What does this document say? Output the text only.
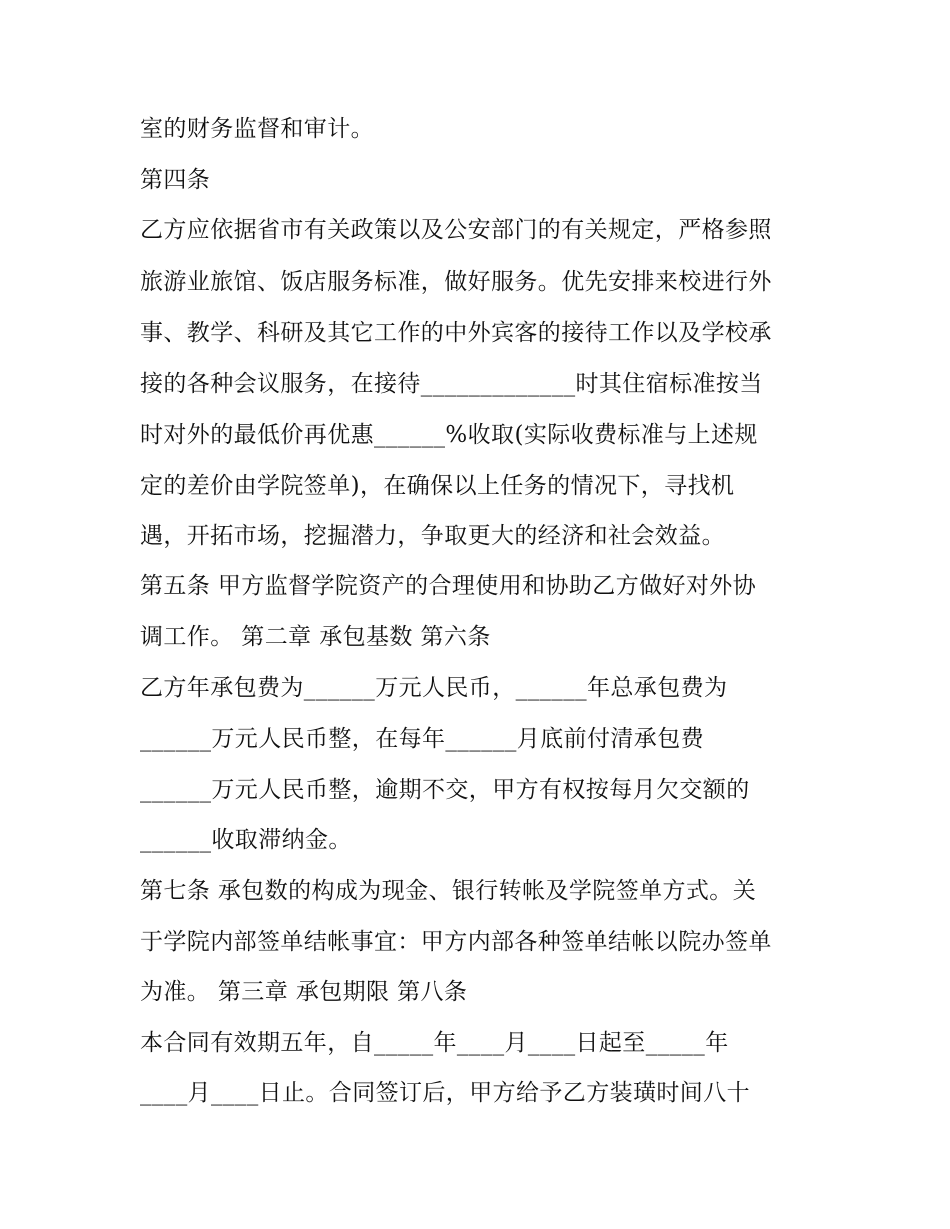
室的财务监督和审计。
第四条
乙方应依据省市有关政策以及公安部门的有关规定，严格参照
旅游业旅馆、饭店服务标准，做好服务。优先安排来校进行外
事、教学、科研及其它工作的中外宾客的接待工作以及学校承
接的各种会议服务，在接待_____________时其住宿标准按当
时对外的最低价再优惠______%收取(实际收费标准与上述规
定的差价由学院签单)，在确保以上任务的情况下，寻找机
遇，开拓市场，挖掘潜力，争取更大的经济和社会效益。
第五条 甲方监督学院资产的合理使用和协助乙方做好对外协
调工作。 第二章 承包基数 第六条
乙方年承包费为______万元人民币，______年总承包费为
______万元人民币整，在每年______月底前付清承包费
______万元人民币整，逾期不交，甲方有权按每月欠交额的
______收取滞纳金。
第七条 承包数的构成为现金、银行转帐及学院签单方式。关
于学院内部签单结帐事宜：甲方内部各种签单结帐以院办签单
为准。 第三章 承包期限 第八条
本合同有效期五年，自_____年____月____日起至_____年
____月____日止。合同签订后，甲方给予乙方装璜时间八十
